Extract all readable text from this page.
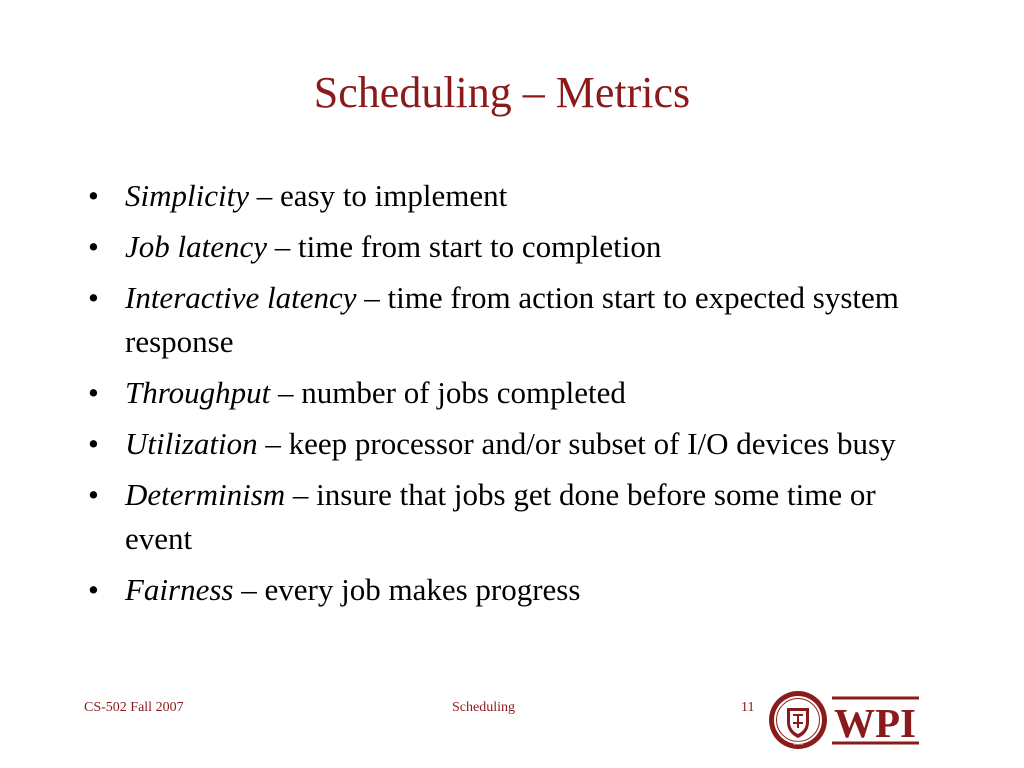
Scheduling – Metrics
• Simplicity – easy to implement
• Job latency – time from start to completion
• Interactive latency – time from action start to expected system response
• Throughput – number of jobs completed
• Utilization – keep processor and/or subset of I/O devices busy
• Determinism – insure that jobs get done before some time or event
• Fairness – every job makes progress
CS-502 Fall 2007	Scheduling	11
1865 WPI
